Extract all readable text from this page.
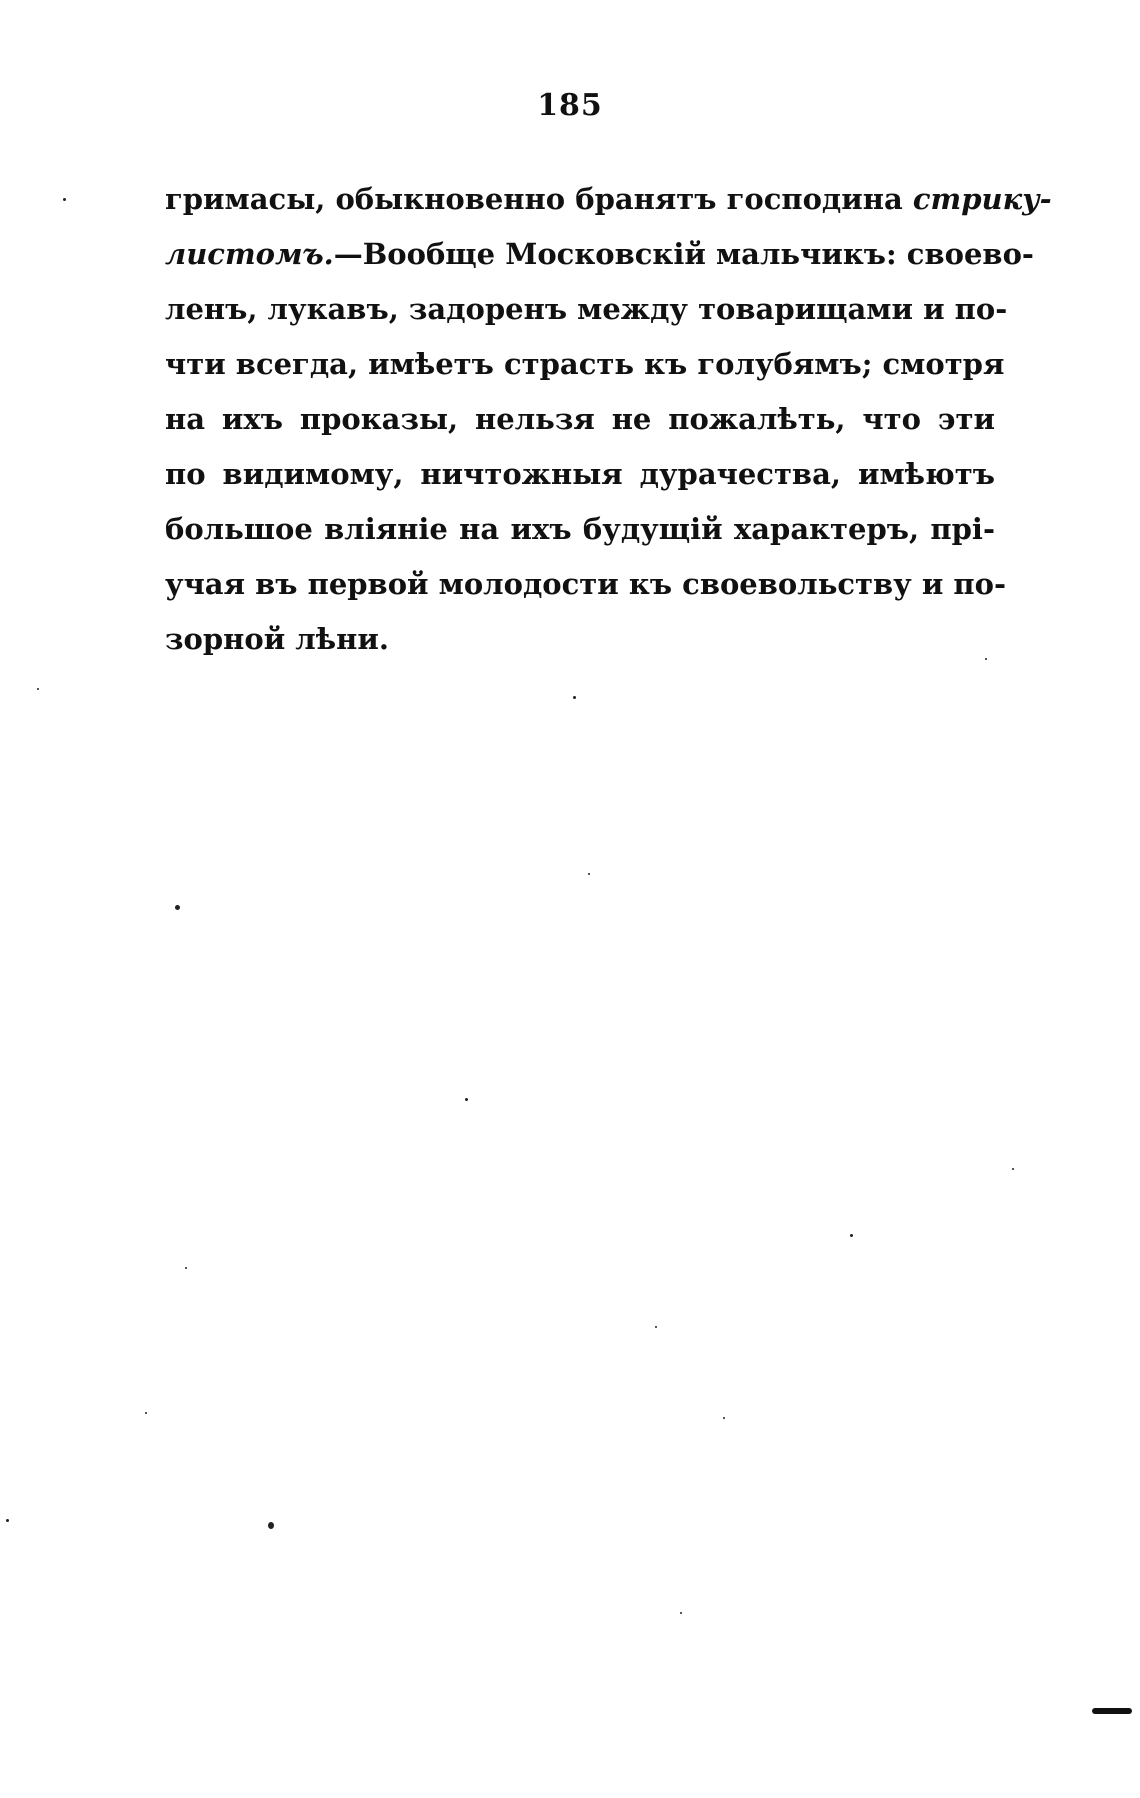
185
гримасы, обыкновенно бранятъ господина стрику-
листомъ.—Вообще Московскій мальчикъ: своево-
ленъ, лукавъ, задоренъ между товарищами и по-
чти всегда, имѣетъ страсть къ голубямъ; смотря
на ихъ проказы, нельзя не пожалѣть, что эти
по видимому, ничтожныя дурачества, имѣютъ
большое вліяніе на ихъ будущій характеръ, прі-
учая въ первой молодости къ своевольству и по-
зорной лѣни.
